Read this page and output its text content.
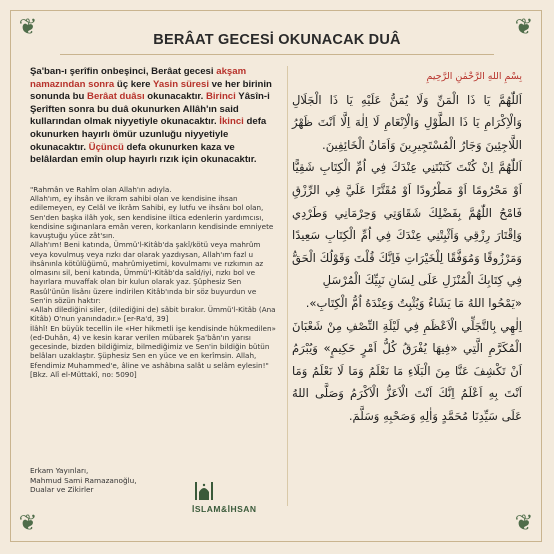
❦	❦
❦	❦
BERÂAT GECESİ OKUNACAK DUÂ

Şa'ban-ı şerîfin onbeşinci, Berâat gecesi akşam namazından sonra üç kere Yasin süresi ve her birinin sonunda bu Berâat duâsı okunacaktır. Birinci Yâsîn-i Şerîften sonra bu duâ okunurken Allâh'ın said kullarından olmak niyyetiyle okunacaktır. İkinci defa okunurken hayırlı ömür uzunluğu niyyetiyle okunacaktır. Üçüncü defa okunurken kaza ve belâlardan emîn olup hayırlı rızık için okunacaktır.

"Rahmân ve Rahîm olan Allah'ın adıyla.

Allah'ım, ey ihsân ve ikram sahibi olan ve kendisine ihsan edilemeyen, ey Celâl ve İkrâm Sahibi, ey lutfu ve ihsânı bol olan, Sen'den başka ilâh yok, sen kendisine iltica edenlerin yardımcısı, kendisine sığınanlara emân veren, korkanların kendisinde emniyete kavuştuğu yüce zât'sın.

Allah'ım! Beni katında, Ümmü'l-Kitâb'da şakî/kötü veya mahrûm veya kovulmuş veya rızkı dar olarak yazdıysan, Allah'ım fazl u ihsânınla kötülüğümü, mahrûmiyetimi, kovulmamı ve rızkımın az olmasını sil, beni katında, Ümmü'l-Kitâb'da saîd/iyi, rızkı bol ve hayırlara muvaffak olan bir kulun olarak yaz. Şüphesiz Sen Rasûl'ünün lisânı üzere indirilen Kitâb'ında bir söz buyurdun ve Sen'in sözün haktır:

«Allah dilediğini siler, (dilediğini de) sâbit bırakır. Ümmü'l-Kitâb (Ana Kitâb) O'nun yanındadır.» [er-Ra'd, 39]

İlâhî! En büyük tecellin ile «Her hikmetli işe kendisinde hükmedilen» (ed-Duhân, 4) ve kesin karar verilen mübarek Şa'bân'ın yarısı gecesinde, bizden bildiğimiz, bilmediğimiz ve Sen'in bildiğin bütün belâları uzaklaştır. Şüphesiz Sen en yüce ve en kerîmsin. Allah, Efendimiz Muhammed'e, âline ve ashâbına salât u selâm eylesin!" [Bkz. Alî el-Müttakî, no: 5090]

Erkam Yayınları,
Mahmud Sami Ramazanoğlu,
Dualar ve Zikirler
İSLAM&İHSAN

بِسْمِ اللهِ الرَّحْمٰنِ الرَّحِيمِ

اَللّٰهُمَّ يَا ذَا الْمَنِّ وَلَا يُمَنُّ عَلَيْهِ يَا ذَا الْجَلَالِ وَالْاِكْرَامِ يَا ذَا الطَّوْلِ وَالْاِنْعَامِ لَا اِلٰهَ اِلَّا اَنْتَ ظَهْرُ اللَّاجِئِينَ وَجَارُ الْمُسْتَجِيرِينَ وَاَمَانُ الْخَائِفِينَ.

اَللّٰهُمَّ اِنْ كُنْتَ كَتَبْتَنِي عِنْدَكَ فِي اُمِّ الْكِتَابِ شَقِيًّا اَوْ مَحْرُومًا اَوْ مَطْرُودًا اَوْ مُقَتَّرًا عَلَيَّ فِي الرِّزْقِ فَامْحُ اللّٰهُمَّ بِفَضْلِكَ شَقَاوَتِي وَحِرْمَانِي وَطَرْدِي وَاِقْتَارَ رِزْقِي وَاَثْبِتْنِي عِنْدَكَ فِي اُمِّ الْكِتَابِ سَعِيدًا وَمَرْزُوقًا وَمُوَفَّقًا لِلْخَيْرَاتِ فَاِنَّكَ قُلْتَ وَقَوْلُكَ الْحَقُّ فِي كِتَابِكَ الْمُنْزَلِ عَلَى لِسَانِ نَبِيِّكَ الْمُرْسَلِ

«يَمْحُوا اللهُ مَا يَشَاءُ وَيُثْبِتُ وَعِنْدَهُ اُمُّ الْكِتَابِ».

اِلٰهِي بِالتَّجَلِّي الْاَعْظَمِ فِي لَيْلَةِ النِّصْفِ مِنْ شَعْبَانَ الْمُكَرَّمِ الَّتِي «فِيهَا يُفْرَقُ كُلُّ اَمْرٍ حَكِيمٍ» وَيُبْرَمُ اَنْ تَكْشِفَ عَنَّا مِنَ الْبَلَاءِ مَا نَعْلَمُ وَمَا لَا نَعْلَمُ وَمَا اَنْتَ بِهِ اَعْلَمُ اِنَّكَ اَنْتَ الْاَعَزُّ الْاَكْرَمُ وَصَلَّى اللهُ عَلَى سَيِّدِنَا مُحَمَّدٍ وَاٰلِهِ وَصَحْبِهِ وَسَلَّمَ.
